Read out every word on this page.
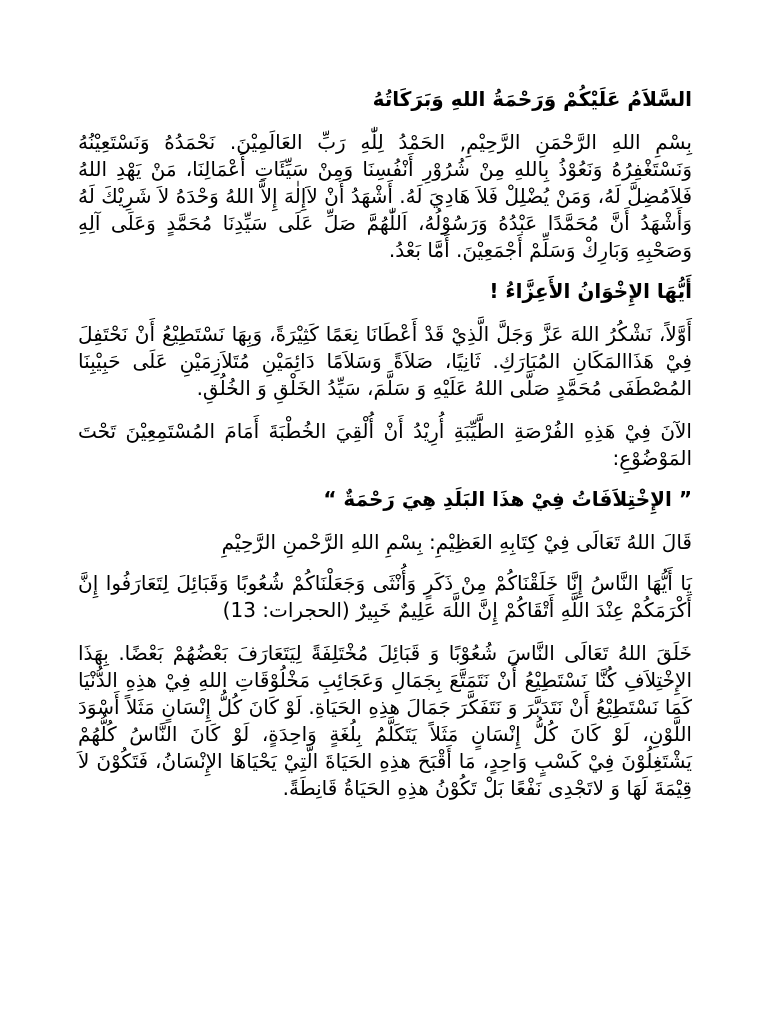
السَّلاَمُ عَلَيْكُمْ وَرَحْمَةُ اللهِ وَبَرَكَاتُهُ
بِسْمِ اللهِ الرَّحْمَنِ الرَّحِيْمِ, الحَمْدُ لِلّٰهِ رَبِّ العَالَمِيْنَ. نَحْمَدُهُ وَنَسْتَعِيْنُهُ وَنَسْتَغْفِرُهُ وَنَعُوْذُ بِاللهِ مِنْ شُرُوْرِ أَنْفُسِنَا وَمِنْ سَيِّئَاتِ أَعْمَالِنَا، مَنْ يَهْدِ اللهُ فَلاَمُضِلَّ لَهُ، وَمَنْ يُضْلِلْ فَلاَ هَادِيَ لَهُ. أَشْهَدُ أَنْ لاَإِلٰهَ إِلاَّ اللهُ وَحْدَهُ لاَ شَرِيْكَ لَهُ وَأَشْهَدُ أَنَّ مُحَمَّدًا عَبْدُهُ وَرَسُوْلُهُ، اَللّٰهُمَّ صَلِّ عَلَى سَيِّدِنَا مُحَمَّدٍ وَعَلَى آلِهِ وَصَحْبِهِ وَبَارِكْ وَسَلِّمْ أَجْمَعِيْنَ. أَمَّا بَعْدُ.
أَيُّهَا الإِخْوَانُ الأَعِزَّاءُ !
أَوَّلاً، نَشْكُرُ اللهَ عَزَّ وَجَلَّ الَّذِيْ قَدْ أَعْطَانَا نِعَمًا كَثِيْرَةً، وَبِهَا نَسْتَطِيْعُ أَنْ نَحْتَفِلَ فِيْ هَذَاالمَكَانِ المُبَارَكِ. ثَانِيًا، صَلاَةً وَسَلاَمًا دَائِمَيْنِ مُتَلاَزِمَيْنِ عَلَى حَبِيْبِنَا المُصْطَفَى مُحَمَّدٍ صَلَّى اللهُ عَلَيْهِ وَ سَلَّمَ، سَيِّدُ الخَلْقِ وَ الخُلُقِ.
الآنَ فِيْ هَذِهِ الفُرْصَةِ الطَّيِّبَةِ أُرِيْدُ أَنْ أُلْقِيَ الخُطْبَةَ أَمَامَ المُسْتَمِعِيْنَ تَحْتَ المَوْضُوْعِ:
” الإِخْتِلاَفَاتُ فِيْ هذَا البَلَدِ هِيَ رَحْمَةٌ “
قَالَ اللهُ تَعَالَى فِيْ كِتَابِهِ العَظِيْمِ: بِسْمِ اللهِ الرَّحْمنِ الرَّحِيْمِ
يَا أَيُّهَا النَّاسُ إِنَّا خَلَقْنَاكُمْ مِنْ ذَكَرٍ وَأُنْثَى وَجَعَلْنَاكُمْ شُعُوبًا وَقَبَائِلَ لِتَعَارَفُوا إِنَّ أَكْرَمَكُمْ عِنْدَ اللَّهِ أَتْقَاكُمْ إِنَّ اللَّهَ عَلِيمٌ خَبِيرٌ (الحجرات: 13)
خَلَقَ اللهُ تَعَالَى النَّاسَ شُعُوْبًا وَ قَبَائِلَ مُخْتَلِفَةً لِيَتَعَارَفَ بَعْضُهُمْ بَعْضًا. بِهَذَا الإِخْتِلاَفِ كُنَّا نَسْتَطِيْعُ أَنْ نَتَمَتَّعَ بِجَمَالِ وَعَجَائِبِ مَخْلُوْقَاتِ اللهِ فِيْ هذِهِ الدُّنْيَا كَمَا نَسْتَطِيْعُ أَنْ نَتَدَبَّرَ وَ نَتَفَكَّرَ جَمَالَ هذِهِ الحَيَاةِ. لَوْ كَانَ كُلُّ إِنْسَانٍ مَثَلاً أَسْوَدَ اللَّوْنِ، لَوْ كَانَ كُلُّ إِنْسَانٍ مَثَلاً يَتَكَلَّمُ بِلُغَةٍ وَاحِدَةٍ، لَوْ كَانَ النَّاسُ كُلُّهُمْ يَشْتَغِلُوْنَ فِيْ كَسْبٍ وَاحِدٍ، مَا أَقْبَحَ هذِهِ الحَيَاةَ الَّتِيْ يَحْيَاهَا الإِنْسَانُ، فَتَكُوْنَ لاَ قِيْمَةَ لَهَا وَ لاتَجْدِى نَفْعًا بَلْ تَكُوْنُ هذِهِ الحَيَاةُ قَانِطَةً.
